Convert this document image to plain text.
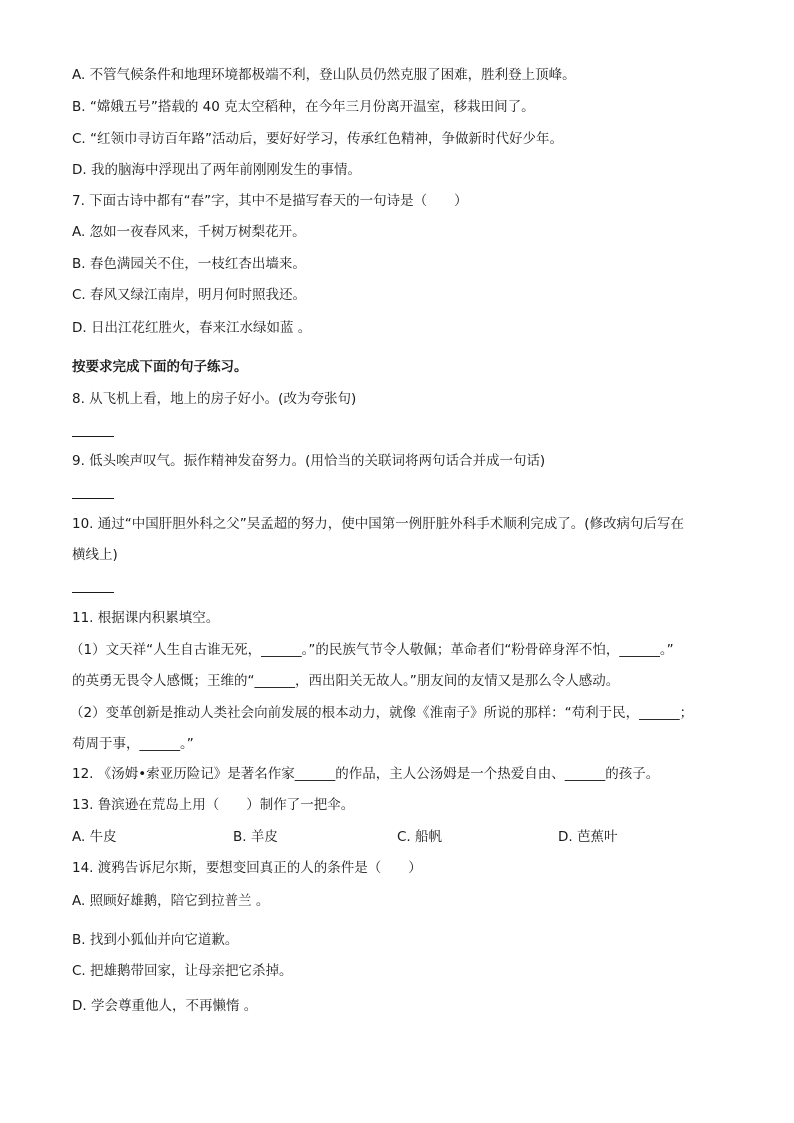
A. 不管气候条件和地理环境都极端不利，登山队员仍然克服了困难，胜利登上顶峰。
B. “嫦娥五号”搭载的 40 克太空稻种，在今年三月份离开温室，移栽田间了。
C. “红领巾寻访百年路”活动后，要好好学习，传承红色精神，争做新时代好少年。
D. 我的脑海中浮现出了两年前刚刚发生的事情。
7. 下面古诗中都有“春”字，其中不是描写春天的一句诗是（　　）
A. 忽如一夜春风来，千树万树梨花开。
B. 春色满园关不住，一枝红杏出墙来。
C. 春风又绿江南岸，明月何时照我还。
D. 日出江花红胜火，春来江水绿如蓝 。
按要求完成下面的句子练习。
8. 从飞机上看，地上的房子好小。(改为夸张句)
9. 低头唉声叹气。振作精神发奋努力。(用恰当的关联词将两句话合并成一句话)
10. 通过“中国肝胆外科之父”吴孟超的努力，使中国第一例肝脏外科手术顺利完成了。(修改病句后写在
横线上)
11. 根据课内积累填空。
（1）文天祥“人生自古谁无死，______。”的民族气节令人敬佩；革命者们“粉骨碎身浑不怕，______。”
的英勇无畏令人感慨；王维的“______，西出阳关无故人。”朋友间的友情又是那么令人感动。
（2）变革创新是推动人类社会向前发展的根本动力，就像《淮南子》所说的那样：“苟利于民，______；
苟周于事，______。”
12. 《汤姆•索亚历险记》是著名作家______的作品，主人公汤姆是一个热爱自由、______的孩子。
13. 鲁滨逊在荒岛上用（　　）制作了一把伞。
A. 牛皮	B. 羊皮	C. 船帆	D. 芭蕉叶
14. 渡鸦告诉尼尔斯，要想变回真正的人的条件是（　　）
A. 照顾好雄鹅，陪它到拉普兰 。
B. 找到小狐仙并向它道歉。
C. 把雄鹅带回家，让母亲把它杀掉。
D. 学会尊重他人，不再懒惰 。
